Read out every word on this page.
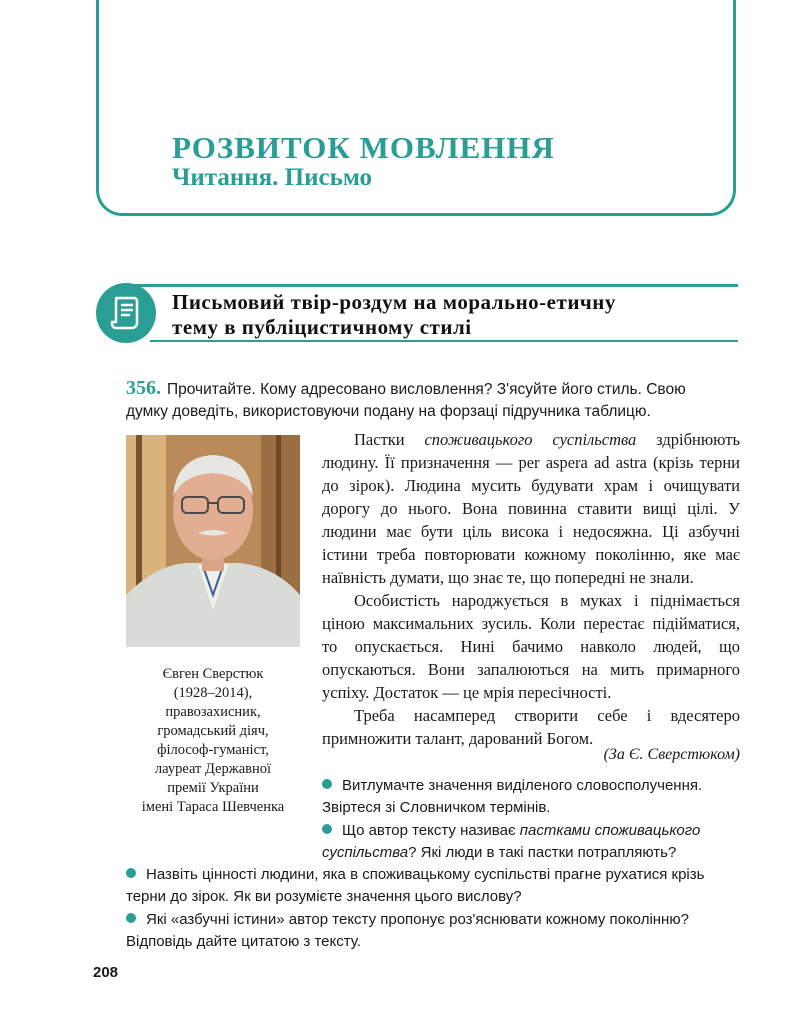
РОЗВИТОК МОВЛЕННЯ
Читання. Письмо
Письмовий твір-роздум на морально-етичну
тему в публіцистичному стилі
356. Прочитайте. Кому адресовано висловлення? З'ясуйте його стиль. Свою
думку доведіть, використовуючи подану на форзаці підручника таблицю.
Євген Сверстюк
(1928–2014),
правозахисник,
громадський діяч,
філософ-гуманіст,
лауреат Державної
премії України
імені Тараса Шевченка

Пастки споживацького суспільства здрібнюють людину. Її призначення — per aspera ad astra (крізь терни до зірок). Людина мусить будувати храм і очищувати дорогу до нього. Вона повинна ставити вищі цілі. У людини має бути ціль висока і недосяжна. Ці азбучні істини треба повторювати кожному поколінню, яке має наївність думати, що знає те, що попередні не знали.

Особистість народжується в муках і піднімається ціною максимальних зусиль. Коли перестає підійматися, то опускається. Нині бачимо навколо людей, що опускаються. Вони запалюються на мить примарного успіху. Достаток — це мрія пересічності.

Треба насамперед створити себе і вдесятеро примножити талант, дарований Богом.

(За Є. Сверстюком)
Витлумачте значення виділеного словосполучення.
Звіртеся зі Словничком термінів.
Що автор тексту називає пастками споживацького суспільства? Які люди в такі пастки потрапляють?
Назвіть цінності людини, яка в споживацькому суспільстві прагне рухатися крізь терни до зірок. Як ви розумієте значення цього вислову?
Які «азбучні істини» автор тексту пропонує роз'яснювати кожному поколінню? Відповідь дайте цитатою з тексту.
208
